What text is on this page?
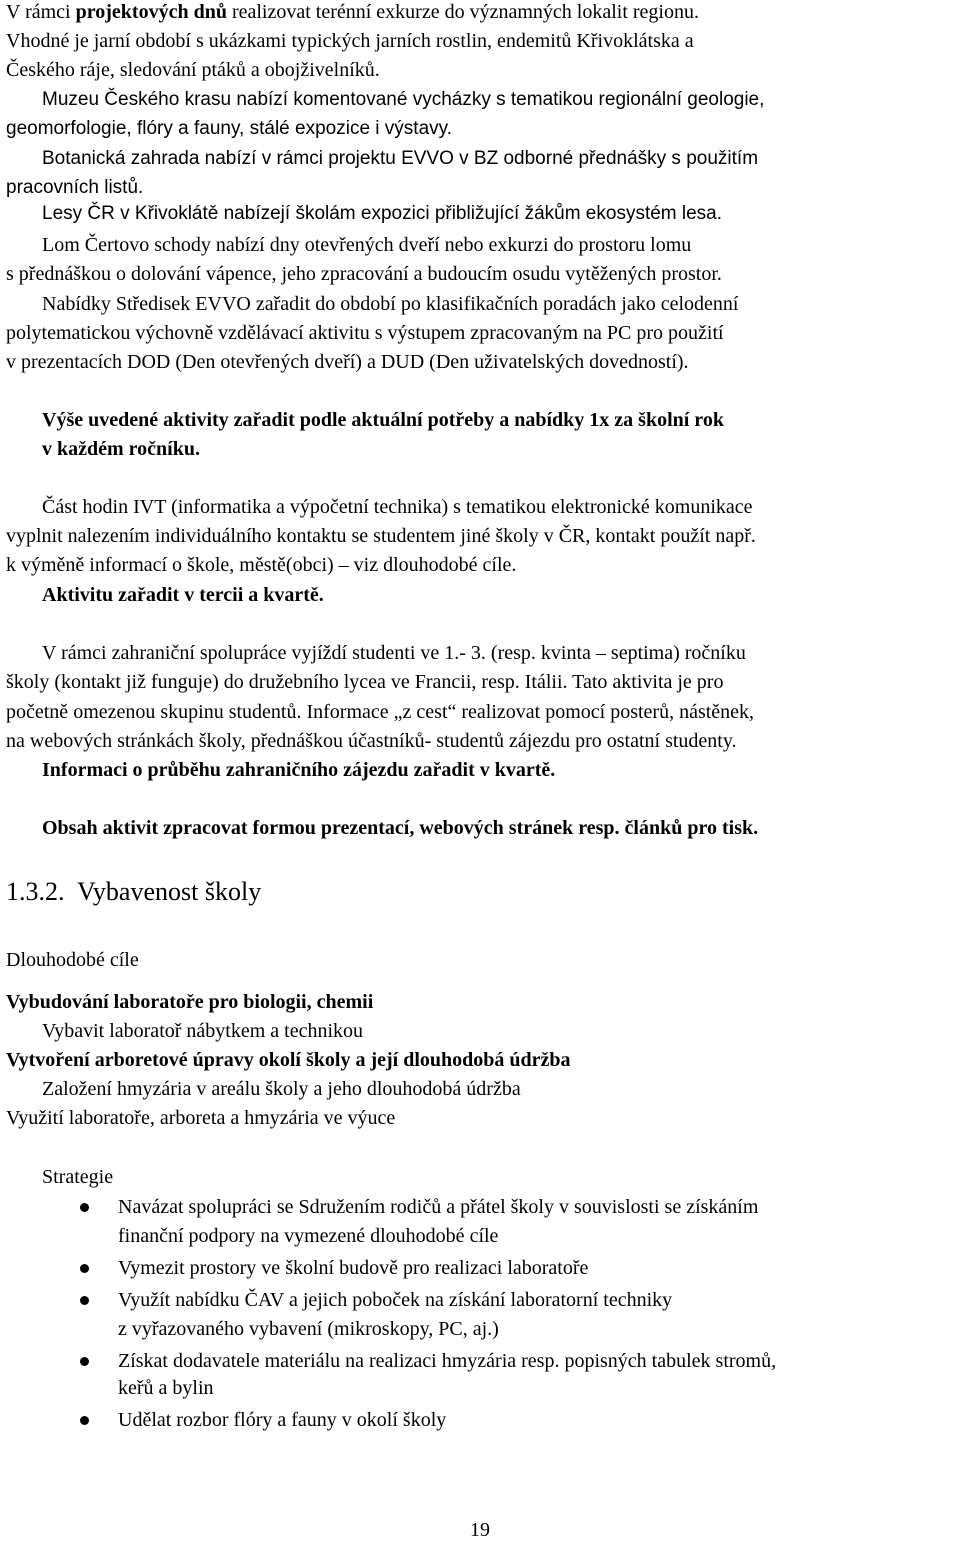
V rámci projektových dnů realizovat terénní exkurze do významných lokalit regionu.
Vhodné je jarní období s ukázkami typických jarních rostlin, endemitů Křivoklátska a
Českého ráje, sledování ptáků a obojživelníků.
Muzeu Českého krasu nabízí komentované vycházky s tematikou regionální geologie,
geomorfologie, flóry a fauny, stálé expozice i výstavy.
Botanická zahrada nabízí v rámci projektu EVVO v BZ odborné přednášky s použitím
pracovních listů.
Lesy ČR v Křivoklátě nabízejí školám expozici přibližující žákům ekosystém lesa.
Lom Čertovo schody nabízí dny otevřených dveří nebo exkurzi do prostoru lomu
s přednáškou o dolování vápence, jeho zpracování a budoucím osudu vytěžených prostor.
Nabídky Středisek EVVO zařadit do období po klasifikačních poradách jako celodenní
polytematickou výchovně vzdělávací aktivitu s výstupem zpracovaným na PC pro použití
v prezentacích DOD (Den otevřených dveří) a DUD (Den uživatelských dovedností).
Výše uvedené aktivity zařadit podle aktuální potřeby a nabídky 1x za školní rok
v každém ročníku.
Část hodin IVT (informatika a výpočetní technika) s tematikou elektronické komunikace
vyplnit nalezením individuálního kontaktu se studentem jiné školy v ČR, kontakt použít např.
k výměně informací o škole, městě(obci) – viz dlouhodobé cíle.
Aktivitu zařadit v tercii a kvartě.
V rámci zahraniční spolupráce vyjíždí studenti ve 1.- 3. (resp. kvinta – septima) ročníku
školy (kontakt již funguje) do družebního lycea ve Francii, resp. Itálii. Tato aktivita je pro
početně omezenou skupinu studentů. Informace „z cest“ realizovat pomocí posterů, nástěnek,
na webových stránkách školy, přednáškou účastníků- studentů zájezdu pro ostatní studenty.
Informaci o průběhu zahraničního zájezdu zařadit v kvartě.
Obsah aktivit zpracovat formou prezentací, webových stránek resp. článků pro tisk.
1.3.2. Vybavenost školy
Dlouhodobé cíle
Vybudování laboratoře pro biologii, chemii
Vybavit laboratoř nábytkem a technikou
Vytvoření arboretové úpravy okolí školy a její dlouhodobá údržba
Založení hmyzária v areálu školy a jeho dlouhodobá údržba
Využití laboratoře, arboreta a hmyzária ve výuce
Strategie
Navázat spolupráci se Sdružením rodičů a přátel školy v souvislosti se získáním
finanční podpory na vymezené dlouhodobé cíle
Vymezit prostory ve školní budově pro realizaci laboratoře
Využít nabídku ČAV a jejich poboček na získání laboratorní techniky
z vyřazovaného vybavení (mikroskopy, PC, aj.)
Získat dodavatele materiálu na realizaci hmyzária resp. popisných tabulek stromů,
keřů a bylin
Udělat rozbor flóry a fauny v okolí školy
19
